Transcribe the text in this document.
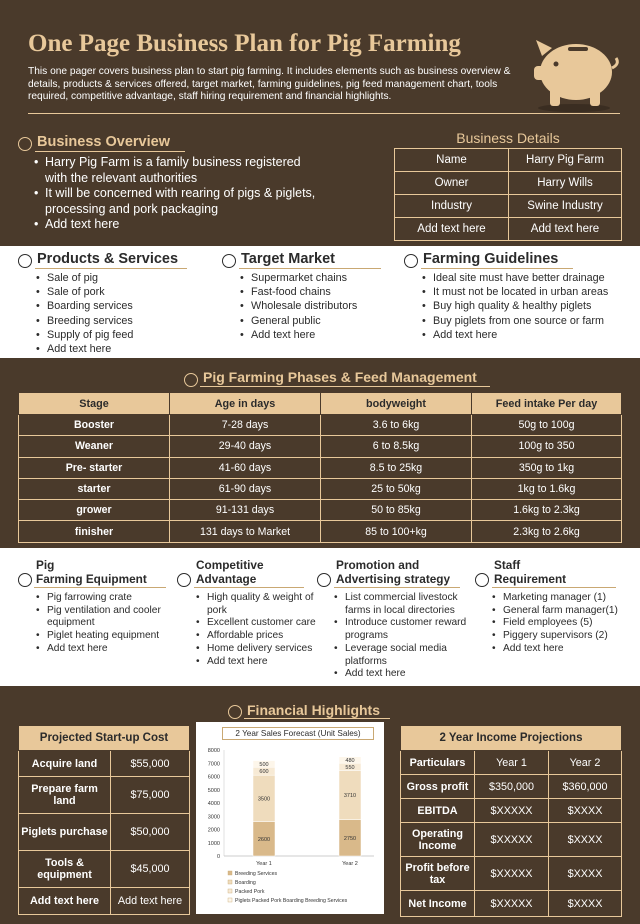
One Page Business Plan for Pig Farming
This one pager covers business plan to start pig farming. It includes elements such as business overview & details, products & services offered, target market, farming guidelines, pig feed management chart, tools required, competitive advantage, staff hiring requirement and financial highlights.
Business Overview
• Harry Pig Farm is a family business registered with the relevant authorities
• It will be concerned with rearing of pigs & piglets, processing and pork packaging
• Add text here
Business Details
Name	Harry Pig Farm
Owner	Harry Wills
Industry	Swine Industry
Add text here	Add text here
Products & Services
• Sale of pig
• Sale of pork
• Boarding services
• Breeding services
• Supply of pig feed
• Add text here
Target Market
• Supermarket chains
• Fast-food chains
• Wholesale distributors
• General public
• Add text here
Farming Guidelines
• Ideal site must have better drainage
• It must not be located in urban areas
• Buy high quality & healthy piglets
• Buy piglets from one source or farm
• Add text here
Pig Farming Phases & Feed Management
Stage	Age in days	bodyweight	Feed intake Per day
Booster	7-28 days	3.6 to 6kg	50g to 100g
Weaner	29-40 days	6 to 8.5kg	100g to 350
Pre- starter	41-60 days	8.5 to 25kg	350g to 1kg
starter	61-90 days	25 to 50kg	1kg to 1.6kg
grower	91-131 days	50 to 85kg	1.6kg to 2.3kg
finisher	131 days to Market	85 to 100+kg	2.3kg to 2.6kg
Pig
Farming Equipment
• Pig farrowing crate
• Pig ventilation and cooler equipment
• Piglet heating equipment
• Add text here
Competitive
Advantage
• High quality & weight of pork
• Excellent customer care
• Affordable prices
• Home delivery services
• Add text here
Promotion and
Advertising strategy
• List commercial livestock farms in local directories
• Introduce customer reward programs
• Leverage social media platforms
• Add text here
Staff
Requirement
• Marketing manager (1)
• General farm manager(1)
• Field employees (5)
• Piggery supervisors (2)
• Add text here
Financial Highlights
Projected Start-up Cost	
Acquire land	$55,000
Prepare farm land	$75,000
Piglets purchase	$50,000
Tools & equipment	$45,000
Add text here	Add text here
2 Year Sales Forecast (Unit Sales)
0
1000
2000
3000
4000
5000
6000
7000
8000
2600
3500
600
500
Year 1
2750
3710
550
480
Year 2
Breeding Services
Boarding
Packed Pork
Piglets Packed Pork Boarding Breeding Services
2 Year Income Projections		
Particulars	Year 1	Year 2
Gross profit	$350,000	$360,000
EBITDA	$XXXXX	$XXXX
Operating Income	$XXXXX	$XXXX
Profit before tax	$XXXXX	$XXXX
Net Income	$XXXXX	$XXXX
